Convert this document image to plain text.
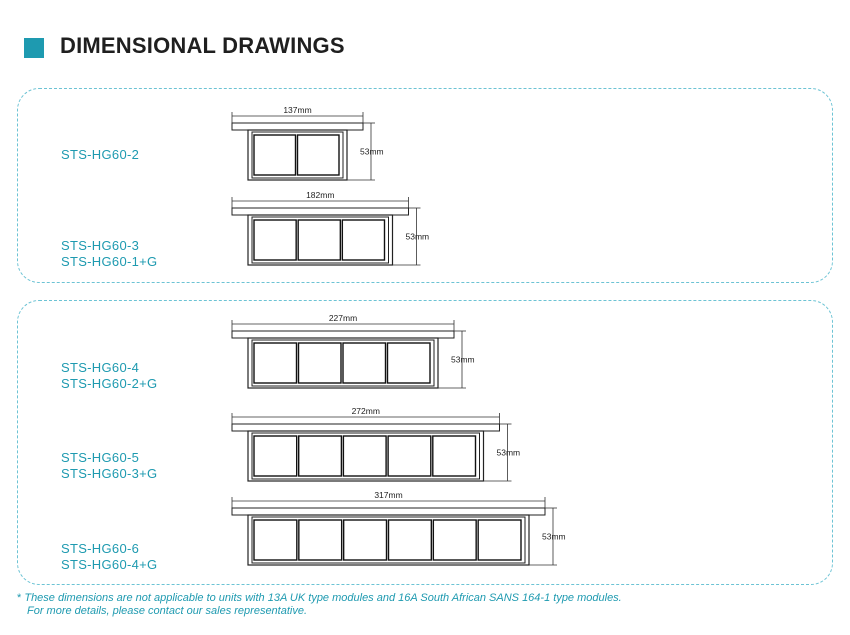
DIMENSIONAL DRAWINGS
STS-HG60-2
STS-HG60-3
STS-HG60-1+G
STS-HG60-4
STS-HG60-2+G
STS-HG60-5
STS-HG60-3+G
STS-HG60-6
STS-HG60-4+G
137mm
53mm
182mm
53mm
227mm
53mm
272mm
53mm
317mm
53mm
* These dimensions are not applicable to units with 13A UK type modules and 16A South African SANS 164-1 type modules.
For more details, please contact our sales representative.
